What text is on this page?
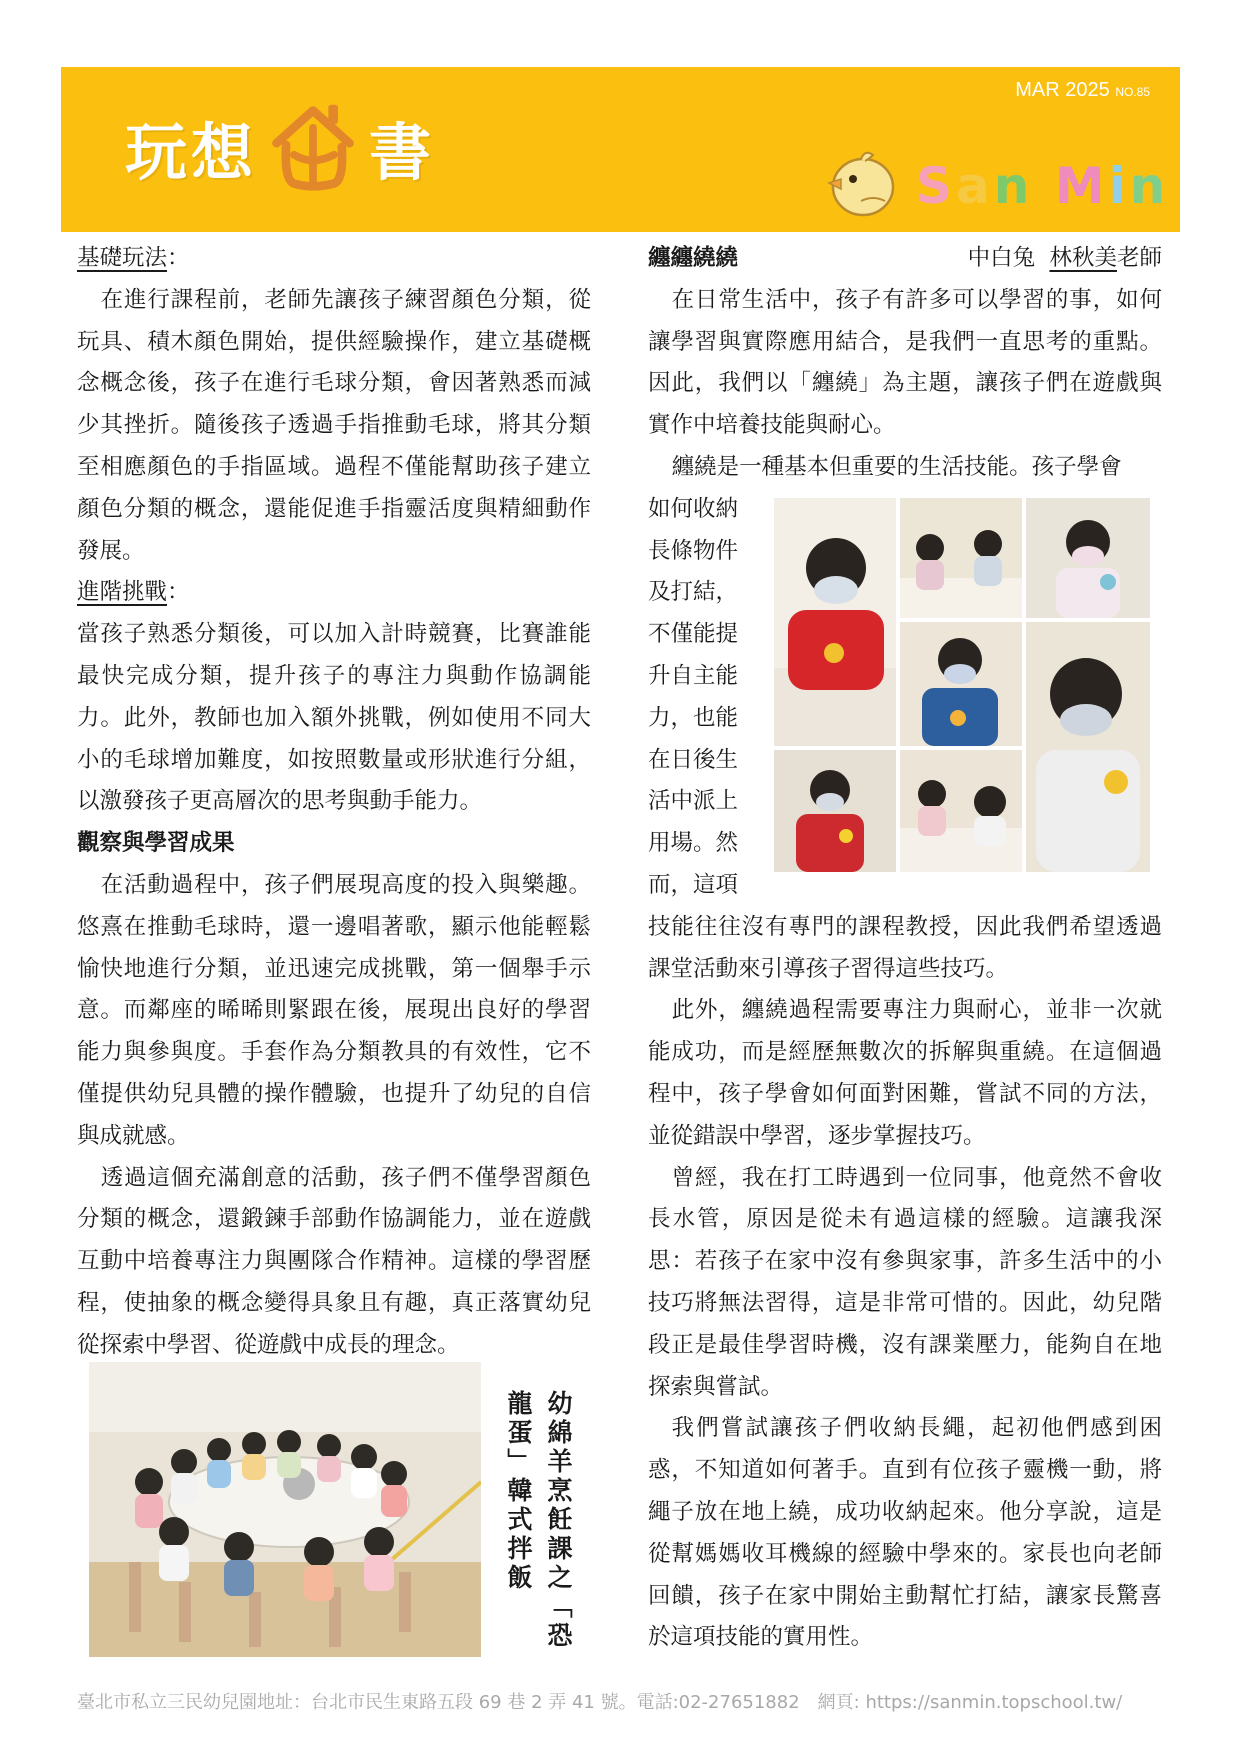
玩想 書
MAR 2025 NO.85
San Min

基礎玩法：

在進行課程前，老師先讓孩子練習顏色分類，從玩具、積木顏色開始，提供經驗操作，建立基礎概念概念後，孩子在進行毛球分類，會因著熟悉而減少其挫折。隨後孩子透過手指推動毛球，將其分類至相應顏色的手指區域。過程不僅能幫助孩子建立顏色分類的概念，還能促進手指靈活度與精細動作發展。

進階挑戰：

當孩子熟悉分類後，可以加入計時競賽，比賽誰能最快完成分類，提升孩子的專注力與動作協調能力。此外，教師也加入額外挑戰，例如使用不同大小的毛球增加難度，如按照數量或形狀進行分組，以激發孩子更高層次的思考與動手能力。

觀察與學習成果

在活動過程中，孩子們展現高度的投入與樂趣。悠熹在推動毛球時，還一邊唱著歌，顯示他能輕鬆愉快地進行分類，並迅速完成挑戰，第一個舉手示意。而鄰座的晞晞則緊跟在後，展現出良好的學習能力與參與度。手套作為分類教具的有效性，它不僅提供幼兒具體的操作體驗，也提升了幼兒的自信與成就感。

透過這個充滿創意的活動，孩子們不僅學習顏色分類的概念，還鍛鍊手部動作協調能力，並在遊戲互動中培養專注力與團隊合作精神。這樣的學習歷程，使抽象的概念變得具象且有趣，真正落實幼兒從探索中學習、從遊戲中成長的理念。

幼綿羊烹飪課之「恐龍蛋」韓式拌飯

纏纏繞繞	中白兔 林秋美老師

在日常生活中，孩子有許多可以學習的事，如何讓學習與實際應用結合，是我們一直思考的重點。因此，我們以「纏繞」為主題，讓孩子們在遊戲與實作中培養技能與耐心。

纏繞是一種基本但重要的生活技能。孩子學會

如何收納
長條物件
及打結，
不僅能提
升自主能
力，也能
在日後生
活中派上
用場。然
而，這項

技能往往沒有專門的課程教授，因此我們希望透過課堂活動來引導孩子習得這些技巧。

此外，纏繞過程需要專注力與耐心，並非一次就能成功，而是經歷無數次的拆解與重繞。在這個過程中，孩子學會如何面對困難，嘗試不同的方法，並從錯誤中學習，逐步掌握技巧。

曾經，我在打工時遇到一位同事，他竟然不會收長水管，原因是從未有過這樣的經驗。這讓我深思：若孩子在家中沒有參與家事，許多生活中的小技巧將無法習得，這是非常可惜的。因此，幼兒階段正是最佳學習時機，沒有課業壓力，能夠自在地探索與嘗試。

我們嘗試讓孩子們收納長繩，起初他們感到困惑，不知道如何著手。直到有位孩子靈機一動，將繩子放在地上繞，成功收納起來。他分享說，這是從幫媽媽收耳機線的經驗中學來的。家長也向老師回饋，孩子在家中開始主動幫忙打結，讓家長驚喜於這項技能的實用性。

臺北市私立三民幼兒園地址：台北市民生東路五段 69 巷 2 弄 41 號。電話:02-27651882　網頁: https://sanmin.topschool.tw/
